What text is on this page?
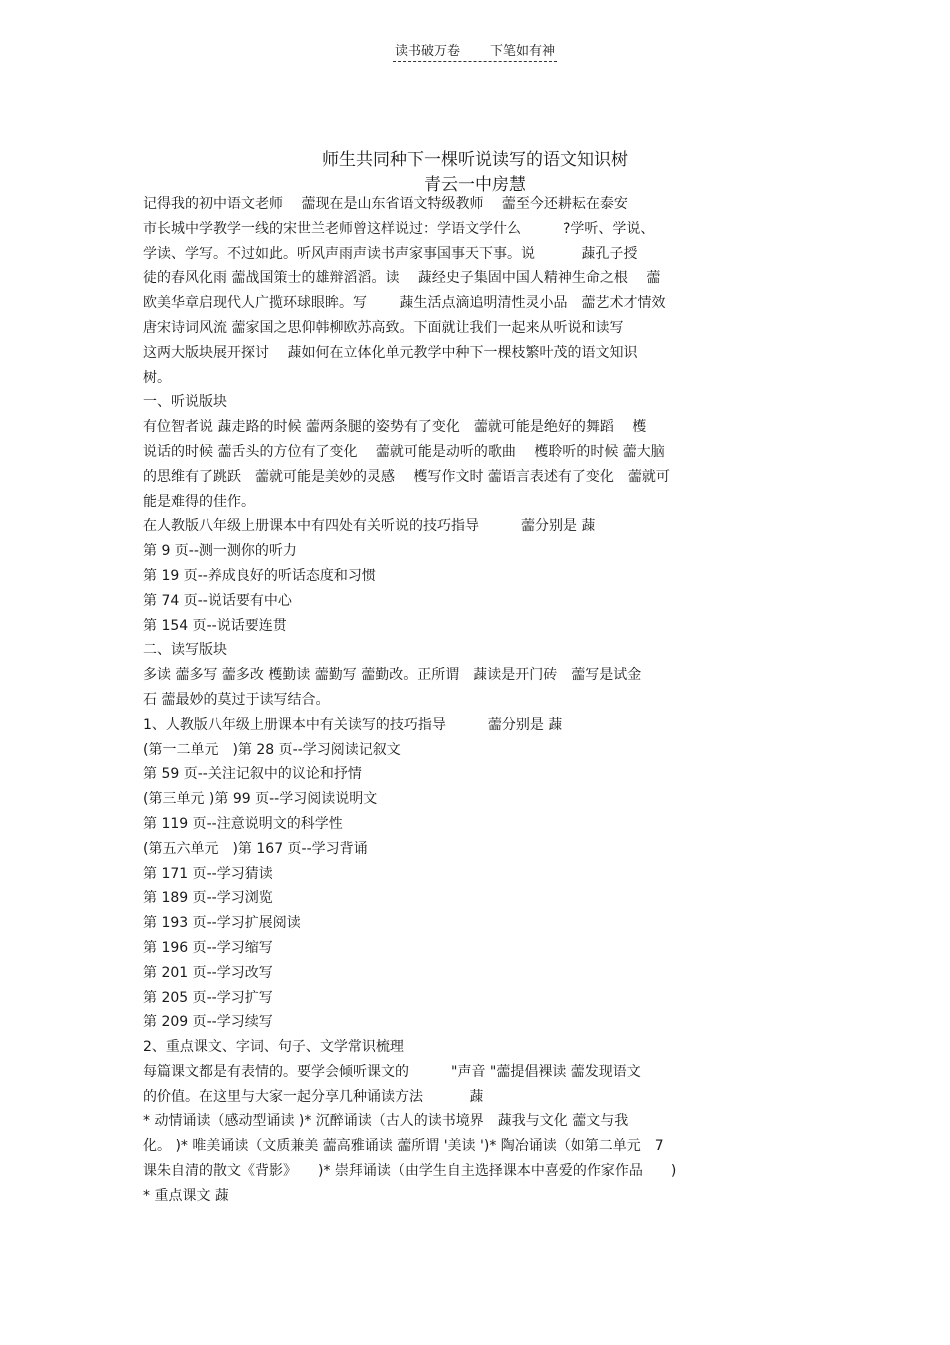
读书破万卷 下笔如有神
师生共同种下一棵听说读写的语文知识树
青云一中房慧
记得我的初中语文老师　 蘦现在是山东省语文特级教师　 蘦至今还耕耘在泰安
市长城中学教学一线的宋世兰老师曾这样说过：学语文学什么　　　?学听、学说、
学读、学写。不过如此。听风声雨声读书声家事国事天下事。说　　　 䔫孔子授
徒的春风化雨 蘦战国策士的雄辩滔滔。读　 䔫经史子集固中国人精神生命之根　 蘦
欧美华章启现代人广揽环球眼眸。写　　 䔫生活点滴追明清性灵小品　蘦艺术才情效
唐宋诗词风流 蘦家国之思仰韩柳欧苏高致。下面就让我们一起来从听说和读写
这两大版块展开探讨　 䔫如何在立体化单元教学中种下一棵枝繁叶茂的语文知识
树。
一、听说版块
有位智者说 䔫走路的时候 蘦两条腿的姿势有了变化　蘦就可能是绝好的舞蹈　 檴
说话的时候 蘦舌头的方位有了变化　 蘦就可能是动听的歌曲　 檴聆听的时候 蘦大脑
的思维有了跳跃　蘦就可能是美妙的灵感　 檴写作文时 蘦语言表述有了变化　蘦就可
能是难得的佳作。
在人教版八年级上册课本中有四处有关听说的技巧指导　　　蘦分别是 䔫
第 9 页--测一测你的听力
第 19 页--养成良好的听话态度和习惯
第 74 页--说话要有中心
第 154 页--说话要连贯
二、读写版块
多读 蘦多写 蘦多改 檴勤读 蘦勤写 蘦勤改。正所谓　䔫读是开门砖　蘦写是试金
石 蘦最妙的莫过于读写结合。
1、人教版八年级上册课本中有关读写的技巧指导　　　蘦分别是 䔫
(第一二单元　)第 28 页--学习阅读记叙文
第 59 页--关注记叙中的议论和抒情
(第三单元 )第 99 页--学习阅读说明文
第 119 页--注意说明文的科学性
(第五六单元　)第 167 页--学习背诵
第 171 页--学习猜读
第 189 页--学习浏览
第 193 页--学习扩展阅读
第 196 页--学习缩写
第 201 页--学习改写
第 205 页--学习扩写
第 209 页--学习续写
2、重点课文、字词、句子、文学常识梳理
每篇课文都是有表情的。要学会倾听课文的　　　"声音 "蘦提倡裸读 蘦发现语文
的价值。在这里与大家一起分享几种诵读方法　　　 䔫
* 动情诵读（感动型诵读 )* 沉醉诵读（古人的读书境界　䔫我与文化 蘦文与我
化。 )* 唯美诵读（文质兼美 蘦高雅诵读 蘦所谓 '美读 ')* 陶冶诵读（如第二单元　7
课朱自清的散文《背影》　　)* 崇拜诵读（由学生自主选择课本中喜爱的作家作品　　)
* 重点课文 䔫
